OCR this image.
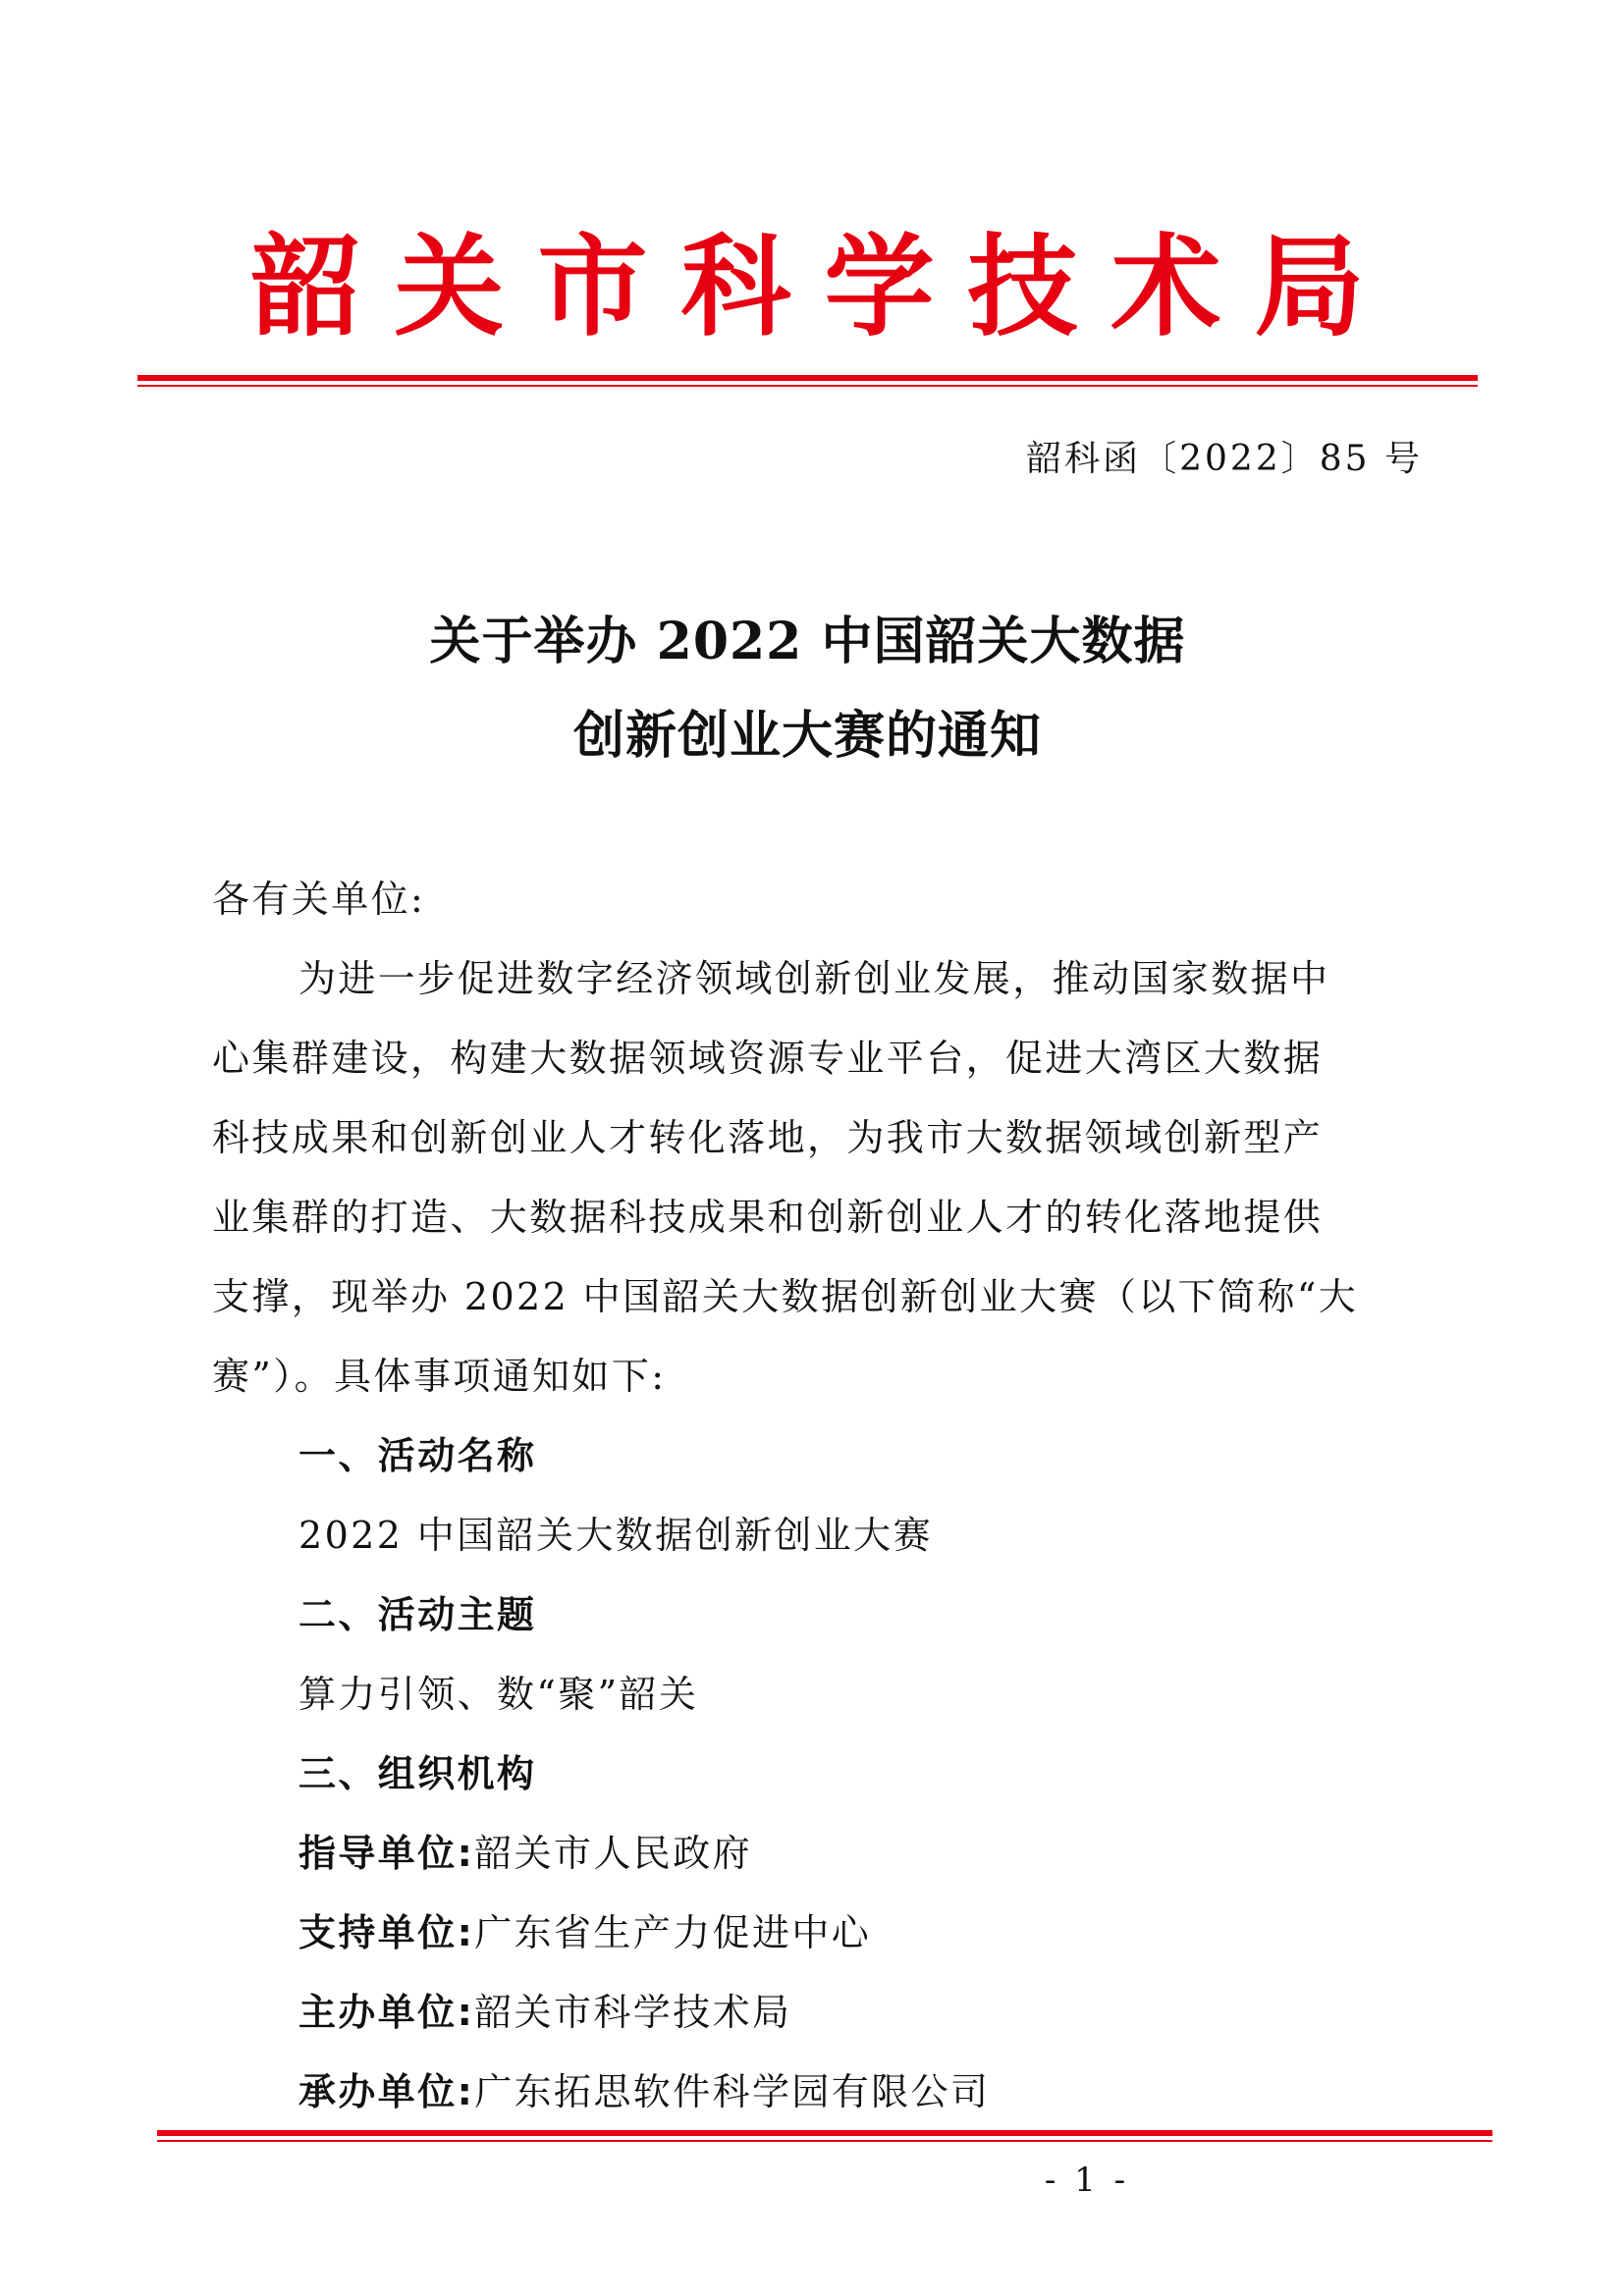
韶关市科学技术局
韶科函〔2022〕85 号
关于举办 2022 中国韶关大数据
创新创业大赛的通知
各有关单位:
为进一步促进数字经济领域创新创业发展，推动国家数据中
心集群建设，构建大数据领域资源专业平台，促进大湾区大数据
科技成果和创新创业人才转化落地，为我市大数据领域创新型产
业集群的打造、大数据科技成果和创新创业人才的转化落地提供
支撑，现举办 2022 中国韶关大数据创新创业大赛（以下简称“大
赛”）。具体事项通知如下:
一、活动名称
2022 中国韶关大数据创新创业大赛
二、活动主题
算力引领、数“聚”韶关
三、组织机构
指导单位:韶关市人民政府
支持单位:广东省生产力促进中心
主办单位:韶关市科学技术局
承办单位:广东拓思软件科学园有限公司
- 1 -
